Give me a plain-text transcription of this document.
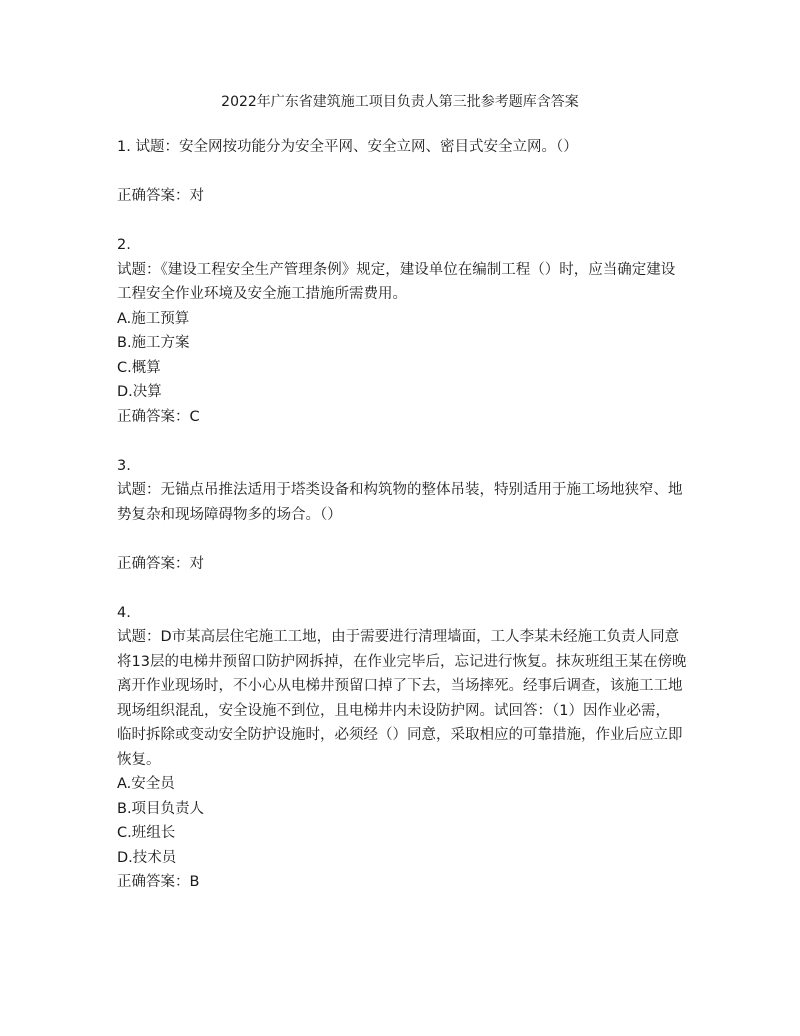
2022年广东省建筑施工项目负责人第三批参考题库含答案
1. 试题：安全网按功能分为安全平网、安全立网、密目式安全立网。（）
正确答案：对
2.
试题：《建设工程安全生产管理条例》规定，建设单位在编制工程（）时，应当确定建设
工程安全作业环境及安全施工措施所需费用。
A.施工预算
B.施工方案
C.概算
D.决算
正确答案：C
3.
试题：无锚点吊推法适用于塔类设备和构筑物的整体吊装，特别适用于施工场地狭窄、地
势复杂和现场障碍物多的场合。（）
正确答案：对
4.
试题：D市某高层住宅施工工地，由于需要进行清理墙面，工人李某未经施工负责人同意
将13层的电梯井预留口防护网拆掉，在作业完毕后，忘记进行恢复。抹灰班组王某在傍晚
离开作业现场时，不小心从电梯井预留口掉了下去，当场摔死。经事后调查，该施工工地
现场组织混乱，安全设施不到位，且电梯井内未设防护网。试回答：（1）因作业必需，
临时拆除或变动安全防护设施时，必须经（）同意，采取相应的可靠措施，作业后应立即
恢复。
A.安全员
B.项目负责人
C.班组长
D.技术员
正确答案：B
